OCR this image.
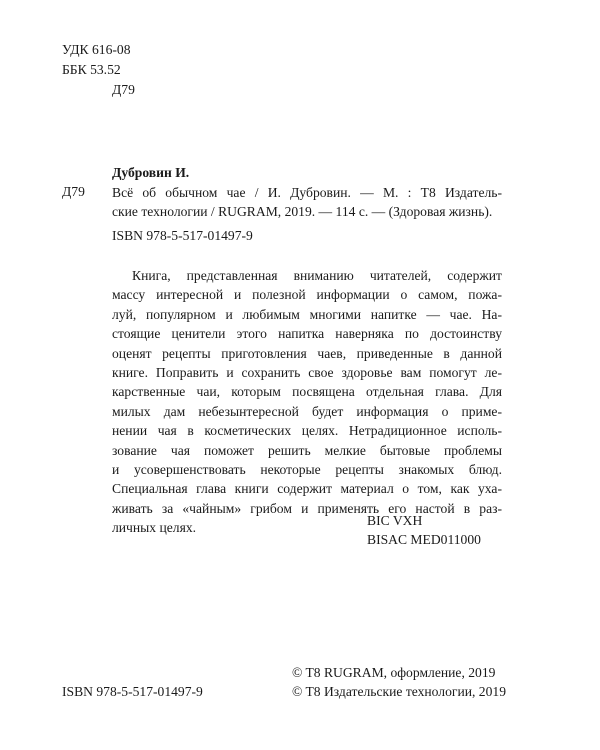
УДК 616-08
ББК 53.52
Д79
Дубровин И.
Д79 Всё об обычном чае / И. Дубровин. — М. : T8 Издатель-
ские технологии / RUGRAM, 2019. — 114 с. — (Здоровая жизнь).
ISBN 978-5-517-01497-9
Книга, представленная вниманию читателей, содержит
массу интересной и полезной информации о самом, пожа-
луй, популярном и любимым многими напитке — чае. На-
стоящие ценители этого напитка наверняка по достоинству
оценят рецепты приготовления чаев, приведенные в данной
книге. Поправить и сохранить свое здоровье вам помогут ле-
карственные чаи, которым посвящена отдельная глава. Для
милых дам небезынтересной будет информация о приме-
нении чая в косметических целях. Нетрадиционное исполь-
зование чая поможет решить мелкие бытовые проблемы
и усовершенствовать некоторые рецепты знакомых блюд.
Специальная глава книги содержит материал о том, как уха-
живать за «чайным» грибом и применять его настой в раз-
личных целях.	BIC VXH
BISAC MED011000
ISBN 978-5-517-01497-9
© T8 RUGRAM, оформление, 2019
© T8 Издательские технологии, 2019
